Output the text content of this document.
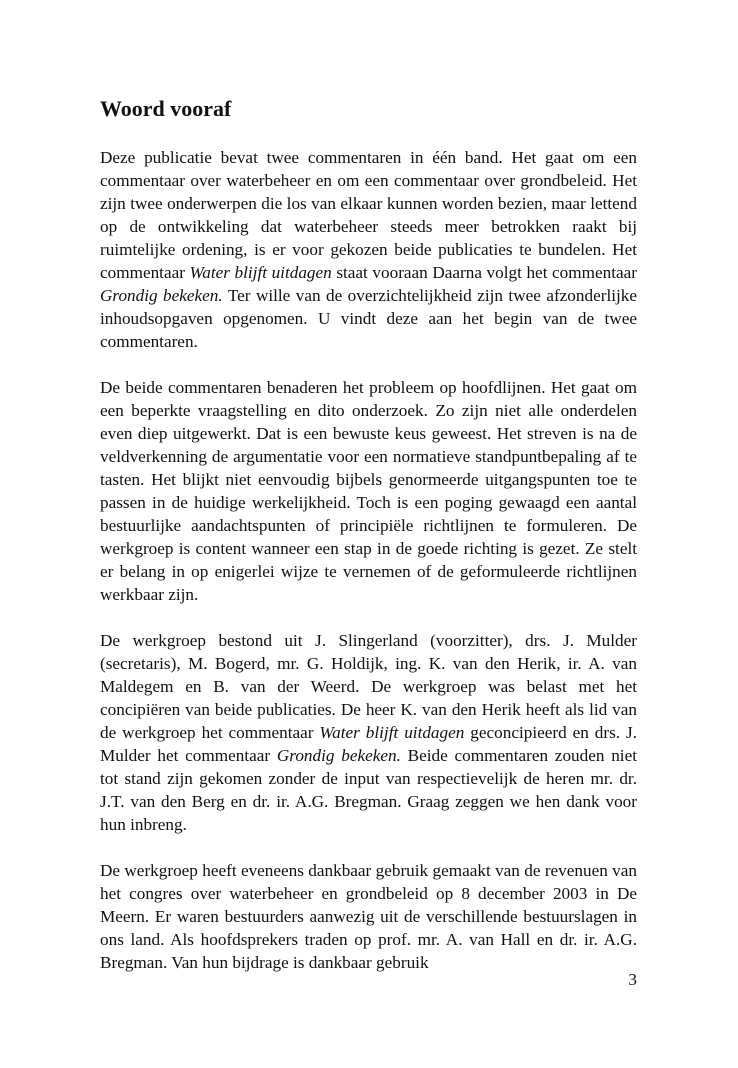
Woord vooraf

Deze publicatie bevat twee commentaren in één band. Het gaat om een commentaar over waterbeheer en om een commentaar over grondbeleid. Het zijn twee onderwerpen die los van elkaar kunnen worden bezien, maar lettend op de ontwikkeling dat waterbeheer steeds meer betrokken raakt bij ruimtelijke ordening, is er voor gekozen beide publicaties te bundelen. Het commentaar Water blijft uitdagen staat vooraan Daarna volgt het commentaar Grondig bekeken. Ter wille van de overzichtelijkheid zijn twee afzonderlijke inhoudsopgaven opgenomen. U vindt deze aan het begin van de twee commentaren.

De beide commentaren benaderen het probleem op hoofdlijnen. Het gaat om een beperkte vraagstelling en dito onderzoek. Zo zijn niet alle onderdelen even diep uitgewerkt. Dat is een bewuste keus geweest. Het streven is na de veldverkenning de argumentatie voor een normatieve standpuntbepaling af te tasten. Het blijkt niet eenvoudig bijbels genormeerde uitgangspunten toe te passen in de huidige werkelijkheid. Toch is een poging gewaagd een aantal bestuurlijke aandachtspunten of principiële richtlijnen te formuleren. De werkgroep is content wanneer een stap in de goede richting is gezet. Ze stelt er belang in op enigerlei wijze te vernemen of de geformuleerde richtlijnen werkbaar zijn.

De werkgroep bestond uit J. Slingerland (voorzitter), drs. J. Mulder (secretaris), M. Bogerd, mr. G. Holdijk, ing. K. van den Herik, ir. A. van Maldegem en B. van der Weerd. De werkgroep was belast met het concipiëren van beide publicaties. De heer K. van den Herik heeft als lid van de werkgroep het commentaar Water blijft uitdagen geconcipieerd en drs. J. Mulder het commentaar Grondig bekeken. Beide commentaren zouden niet tot stand zijn gekomen zonder de input van respectievelijk de heren mr. dr. J.T. van den Berg en dr. ir. A.G. Bregman. Graag zeggen we hen dank voor hun inbreng.

De werkgroep heeft eveneens dankbaar gebruik gemaakt van de revenuen van het congres over waterbeheer en grondbeleid op 8 december 2003 in De Meern. Er waren bestuurders aanwezig uit de verschillende bestuurslagen in ons land. Als hoofdsprekers traden op prof. mr. A. van Hall en dr. ir. A.G. Bregman. Van hun bijdrage is dankbaar gebruik

3
